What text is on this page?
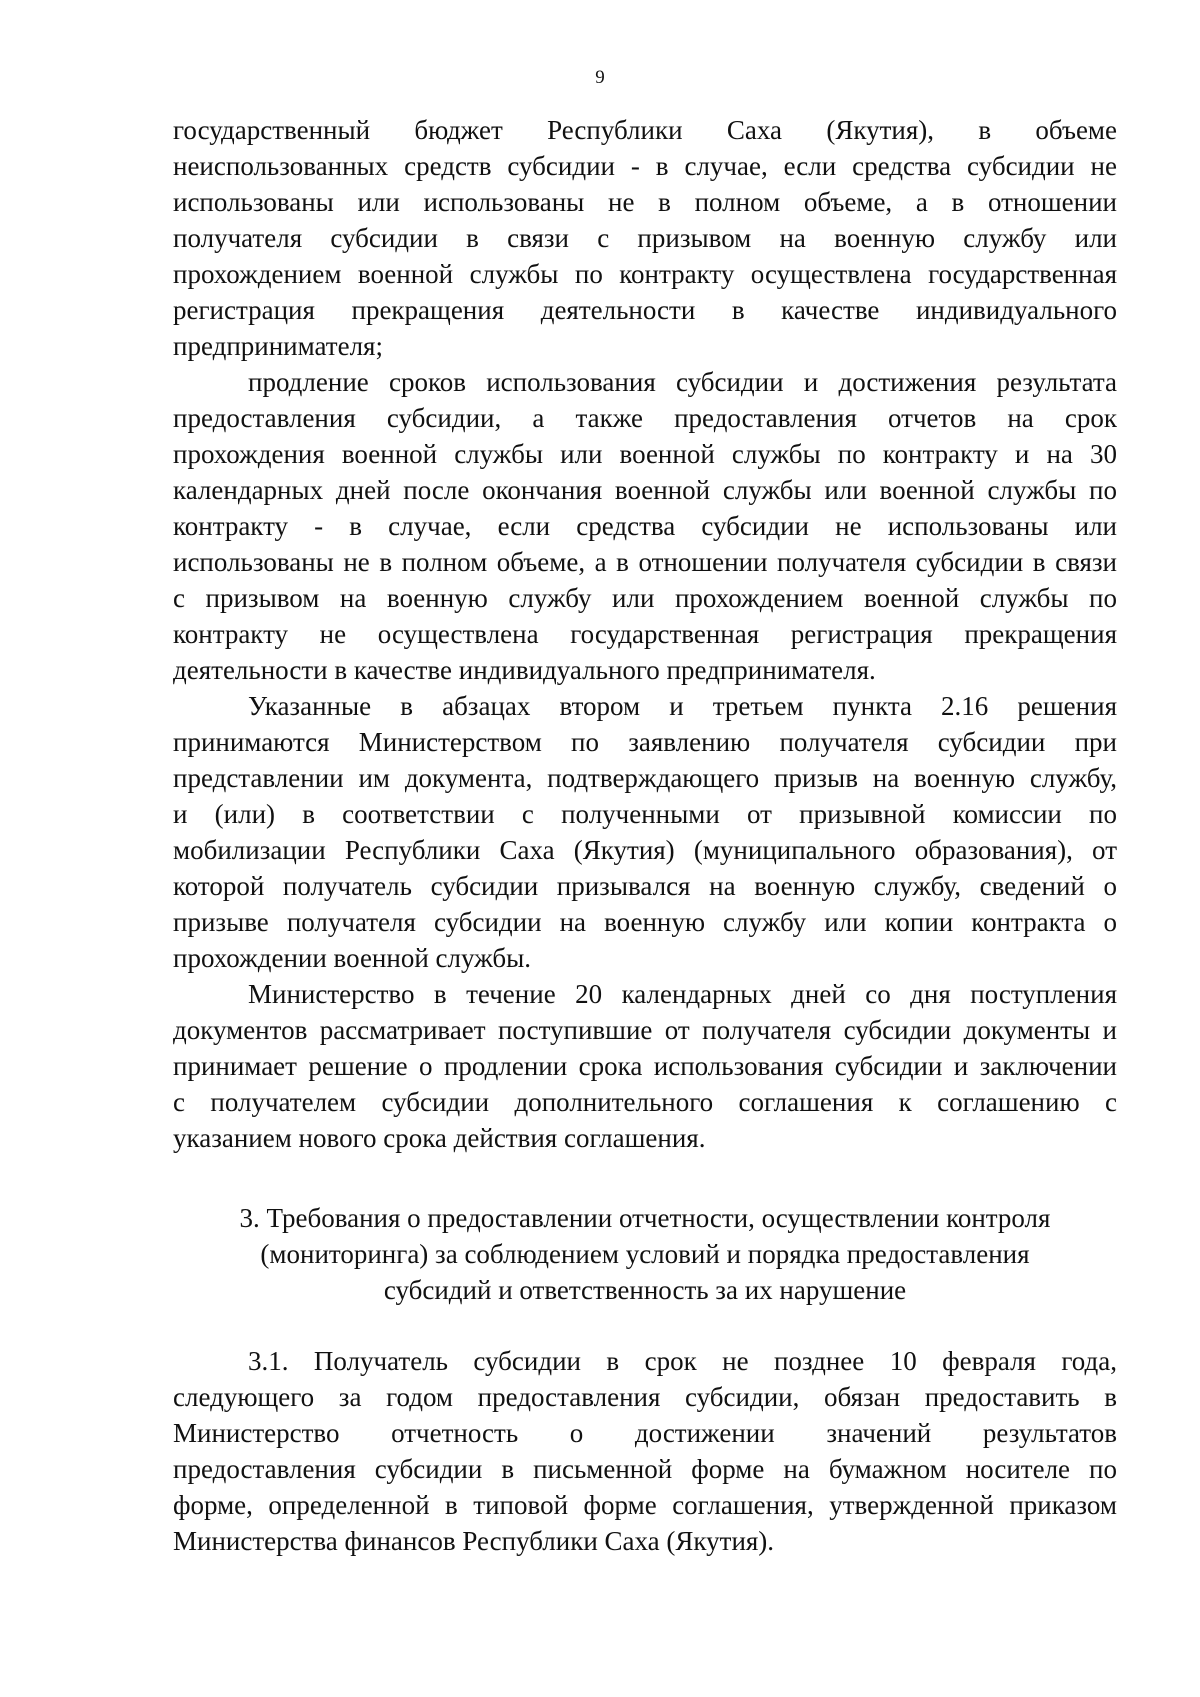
9
государственный бюджет Республики Саха (Якутия), в объеме
неиспользованных средств субсидии - в случае, если средства субсидии не
использованы или использованы не в полном объеме, а в отношении
получателя субсидии в связи с призывом на военную службу или
прохождением военной службы по контракту осуществлена государственная
регистрация прекращения деятельности в качестве индивидуального
предпринимателя;
продление сроков использования субсидии и достижения результата
предоставления субсидии, а также предоставления отчетов на срок
прохождения военной службы или военной службы по контракту и на 30
календарных дней после окончания военной службы или военной службы по
контракту - в случае, если средства субсидии не использованы или
использованы не в полном объеме, а в отношении получателя субсидии в связи
с призывом на военную службу или прохождением военной службы по
контракту не осуществлена государственная регистрация прекращения
деятельности в качестве индивидуального предпринимателя.
Указанные в абзацах втором и третьем пункта 2.16 решения
принимаются Министерством по заявлению получателя субсидии при
представлении им документа, подтверждающего призыв на военную службу,
и (или) в соответствии с полученными от призывной комиссии по
мобилизации Республики Саха (Якутия) (муниципального образования), от
которой получатель субсидии призывался на военную службу, сведений о
призыве получателя субсидии на военную службу или копии контракта о
прохождении военной службы.
Министерство в течение 20 календарных дней со дня поступления
документов рассматривает поступившие от получателя субсидии документы и
принимает решение о продлении срока использования субсидии и заключении
с получателем субсидии дополнительного соглашения к соглашению с
указанием нового срока действия соглашения.
3. Требования о предоставлении отчетности, осуществлении контроля
(мониторинга) за соблюдением условий и порядка предоставления
субсидий и ответственность за их нарушение
3.1. Получатель субсидии в срок не позднее 10 февраля года,
следующего за годом предоставления субсидии, обязан предоставить в
Министерство отчетность о достижении значений результатов
предоставления субсидии в письменной форме на бумажном носителе по
форме, определенной в типовой форме соглашения, утвержденной приказом
Министерства финансов Республики Саха (Якутия).
